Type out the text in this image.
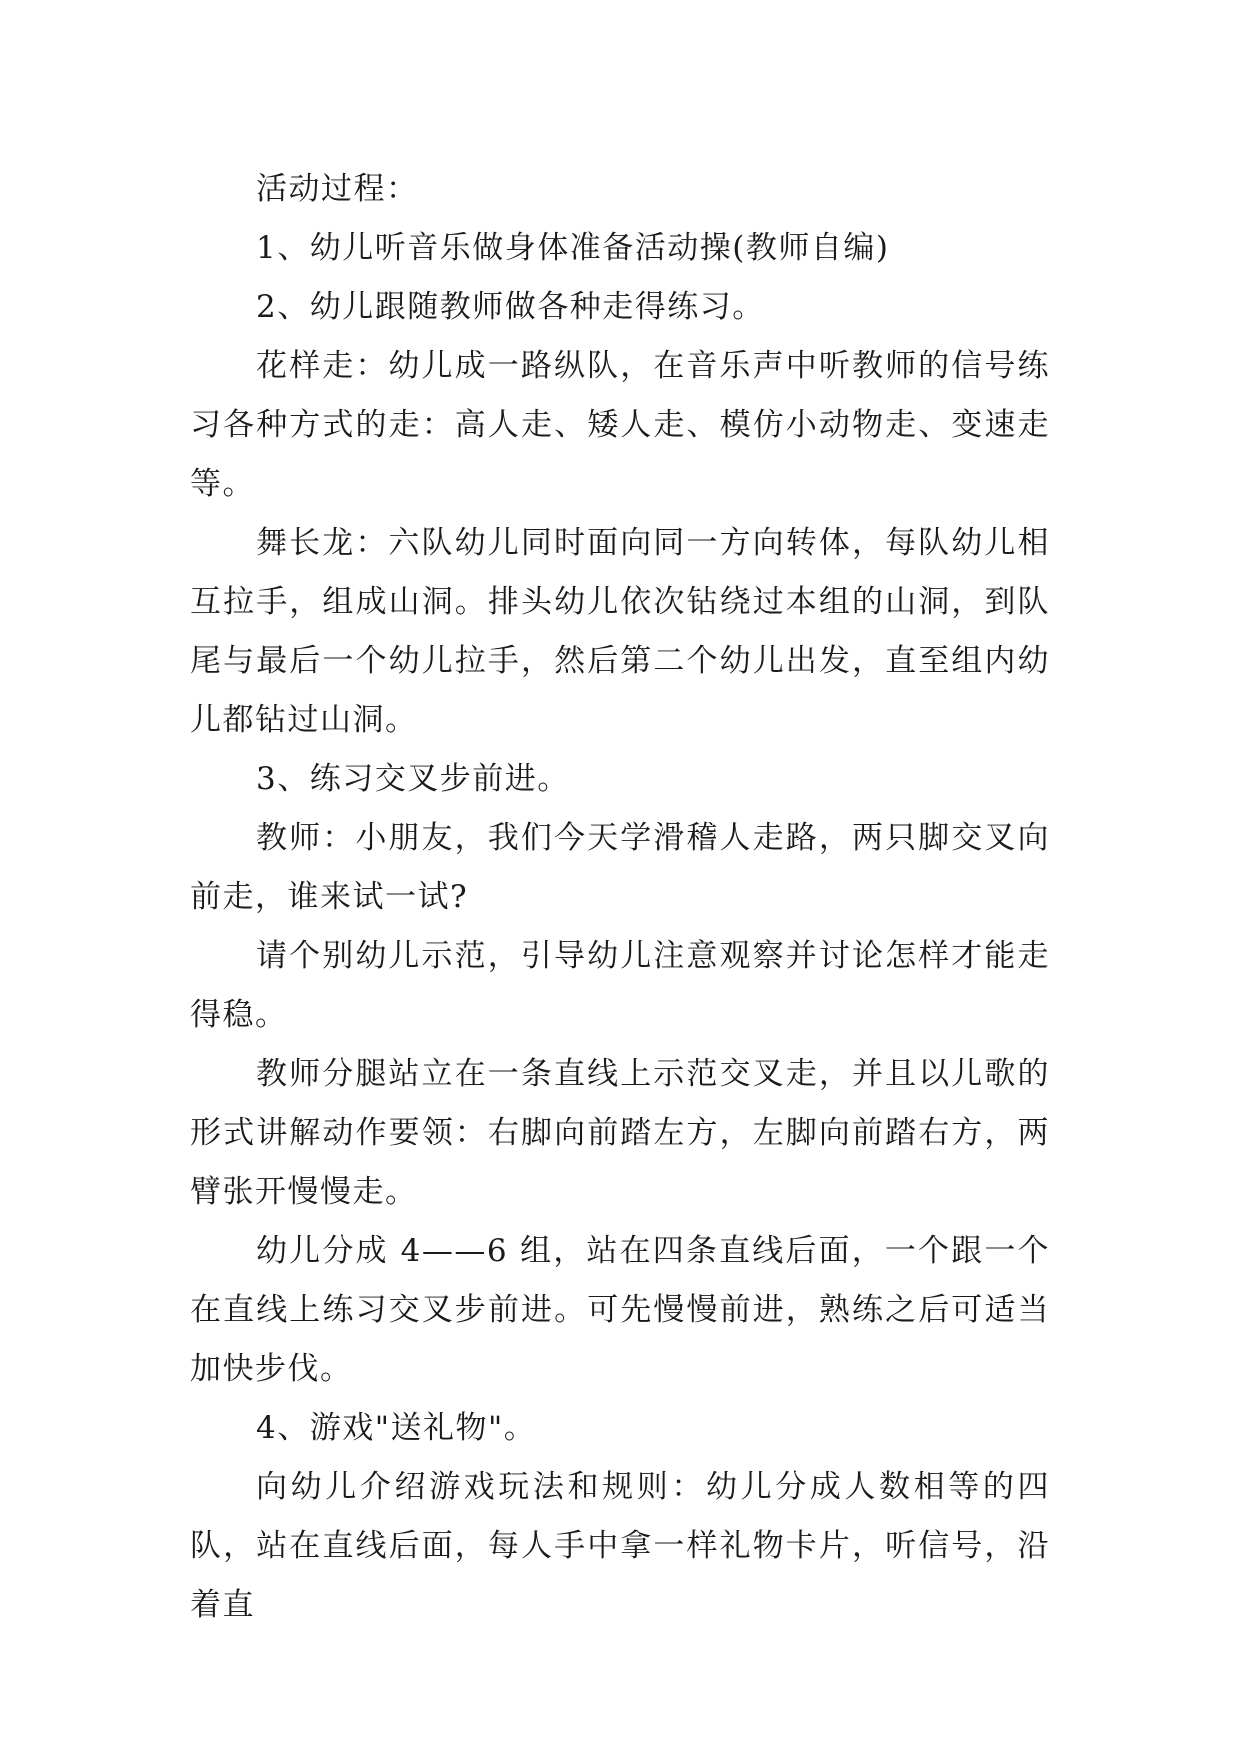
活动过程：

1、幼儿听音乐做身体准备活动操(教师自编)

2、幼儿跟随教师做各种走得练习。

花样走：幼儿成一路纵队，在音乐声中听教师的信号练习各种方式的走：高人走、矮人走、模仿小动物走、变速走等。

舞长龙：六队幼儿同时面向同一方向转体，每队幼儿相互拉手，组成山洞。排头幼儿依次钻绕过本组的山洞，到队尾与最后一个幼儿拉手，然后第二个幼儿出发，直至组内幼儿都钻过山洞。

3、练习交叉步前进。

教师：小朋友，我们今天学滑稽人走路，两只脚交叉向前走，谁来试一试?

请个别幼儿示范，引导幼儿注意观察并讨论怎样才能走得稳。

教师分腿站立在一条直线上示范交叉走，并且以儿歌的形式讲解动作要领：右脚向前踏左方，左脚向前踏右方，两臂张开慢慢走。

幼儿分成 4——6 组，站在四条直线后面，一个跟一个在直线上练习交叉步前进。可先慢慢前进，熟练之后可适当加快步伐。

4、游戏"送礼物"。

向幼儿介绍游戏玩法和规则：幼儿分成人数相等的四队，站在直线后面，每人手中拿一样礼物卡片，听信号，沿着直
